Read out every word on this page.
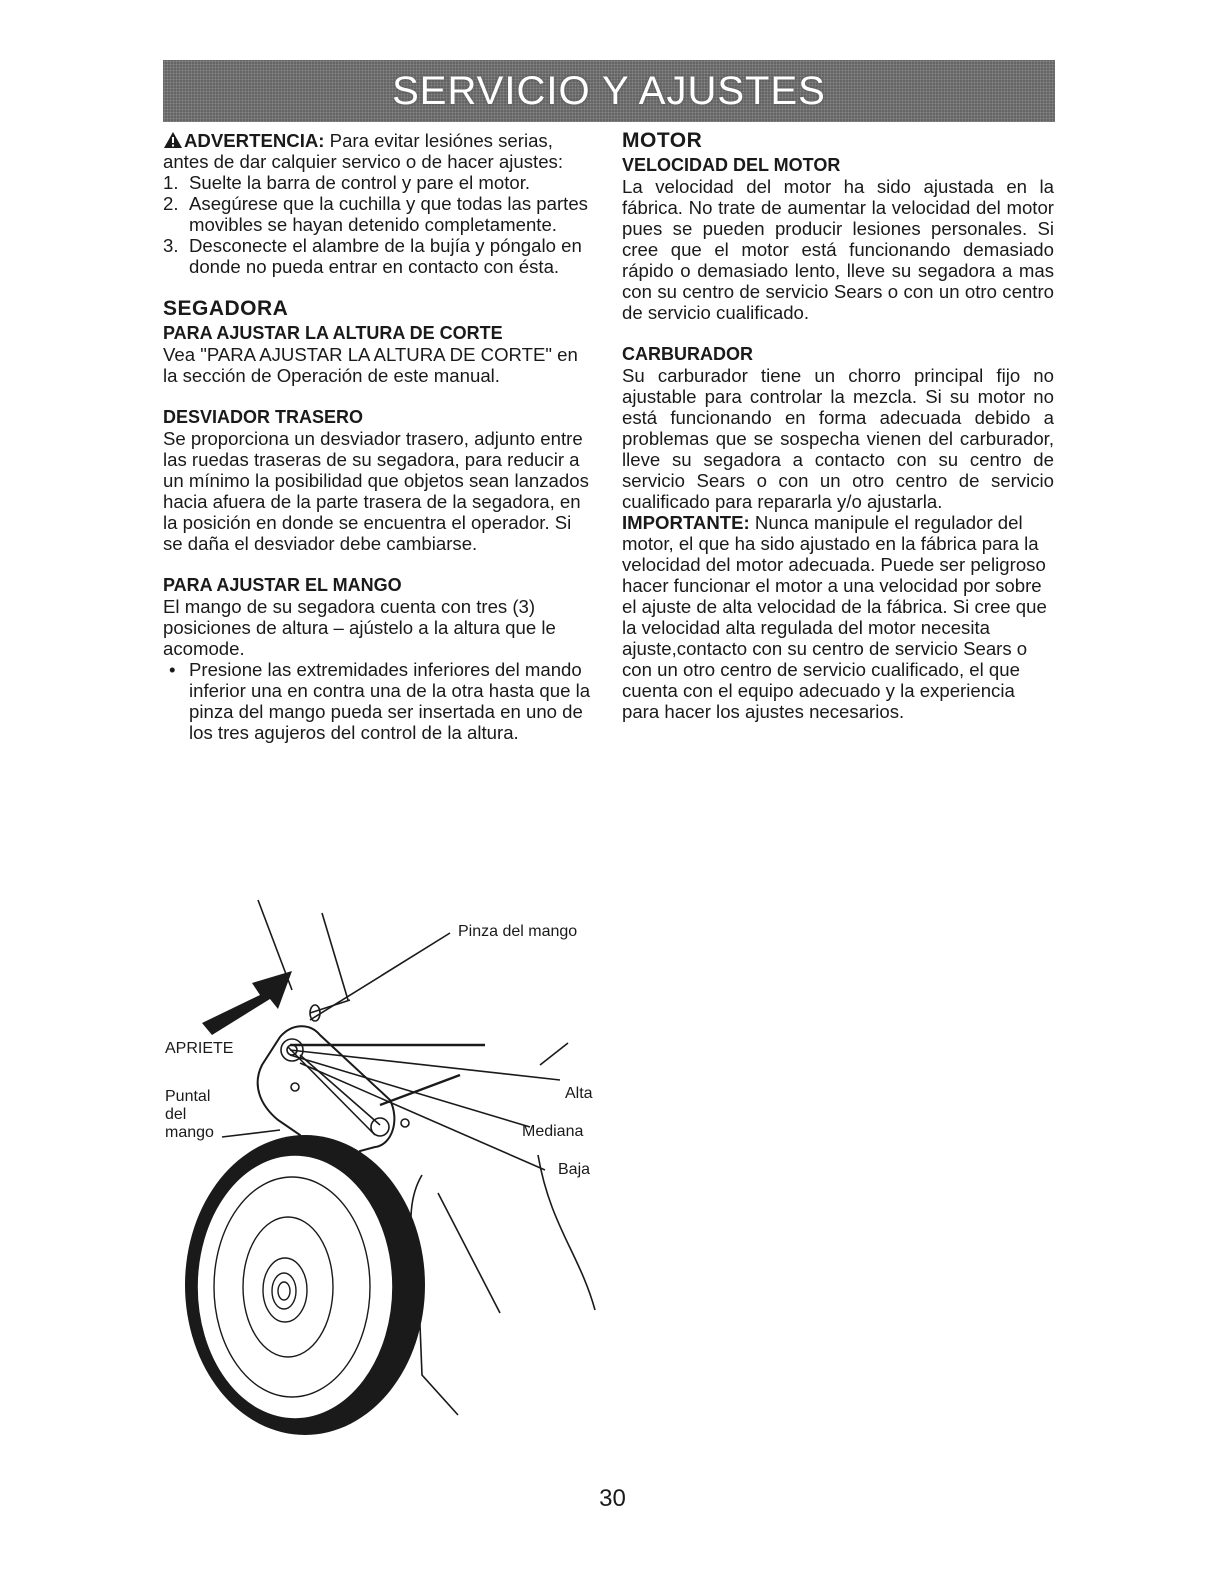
SERVICIO Y AJUSTES

ADVERTENCIA: Para evitar lesiónes serias, antes de dar calquier servico o de hacer ajustes:

1. Suelte la barra de control y pare el motor.
2. Asegúrese que la cuchilla y que todas las partes movibles se hayan detenido completamente.
3. Desconecte el alambre de la bujía y póngalo en donde no pueda entrar en contacto con ésta.
SEGADORA
PARA AJUSTAR LA ALTURA DE CORTE

Vea "PARA AJUSTAR LA ALTURA DE CORTE" en la sección de Operación de este manual.

DESVIADOR TRASERO

Se proporciona un desviador trasero, adjunto entre las ruedas traseras de su segadora, para reducir a un mínimo la posibilidad que objetos sean lanzados hacia afuera de la parte trasera de la segadora, en la posición en donde se encuentra el operador. Si se daña el desviador debe cambiarse.

PARA AJUSTAR EL MANGO

El mango de su segadora cuenta con tres (3) posiciones de altura – ajústelo a la altura que le acomode.

• Presione las extremidades inferiores del mando inferior una en contra una de la otra hasta que la pinza del mango pueda ser insertada en uno de los tres agujeros del control de la altura.
MOTOR
VELOCIDAD DEL MOTOR

La velocidad del motor ha sido ajustada en la fábrica. No trate de aumentar la velocidad del motor pues se pueden producir lesiones personales. Si cree que el motor está funcionando demasiado rápido o demasiado lento, lleve su segadora a mas con su centro de servicio Sears o con un otro centro de servicio cualificado.

CARBURADOR

Su carburador tiene un chorro principal fijo no ajustable para controlar la mezcla. Si su motor no está funcionando en forma adecuada debido a problemas que se sospecha vienen del carburador, lleve su segadora a contacto con su centro de servicio Sears o con un otro centro de servicio cualificado para repararla y/o ajustarla.

IMPORTANTE: Nunca manipule el regulador del motor, el que ha sido ajustado en la fábrica para la velocidad del motor adecuada. Puede ser peligroso hacer funcionar el motor a una velocidad por sobre el ajuste de alta velocidad de la fábrica. Si cree que la velocidad alta regulada del motor necesita ajuste,contacto con su centro de servicio Sears o con un otro centro de servicio cualificado, el que cuenta con el equipo adecuado y la experiencia para hacer los ajustes necesarios.

Pinza del mango
APRIETE
Puntal
del
mango
Alta
Mediana
Baja
30
